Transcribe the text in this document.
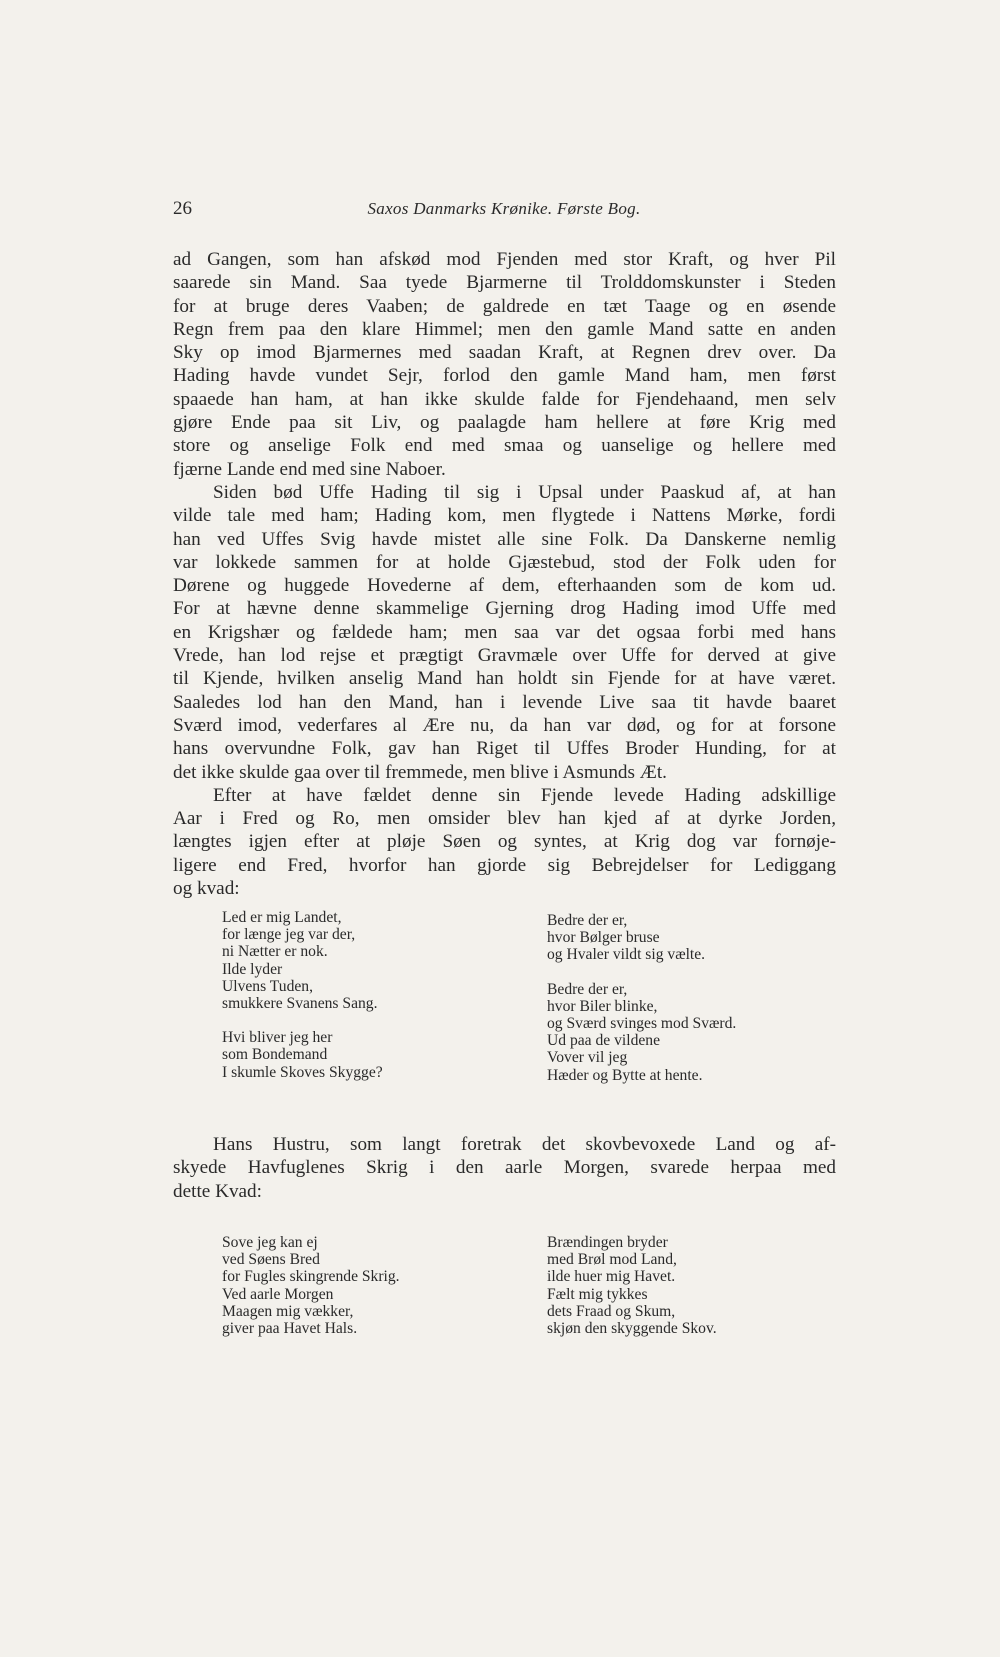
26	Saxos Danmarks Krønike. Første Bog.
ad Gangen, som han afskød mod Fjenden med stor Kraft, og hver Pil
saarede sin Mand. Saa tyede Bjarmerne til Trolddomskunster i Steden
for at bruge deres Vaaben; de galdrede en tæt Taage og en øsende
Regn frem paa den klare Himmel; men den gamle Mand satte en anden
Sky op imod Bjarmernes med saadan Kraft, at Regnen drev over. Da
Hading havde vundet Sejr, forlod den gamle Mand ham, men først
spaaede han ham, at han ikke skulde falde for Fjendehaand, men selv
gjøre Ende paa sit Liv, og paalagde ham hellere at føre Krig med
store og anselige Folk end med smaa og uanselige og hellere med
fjærne Lande end med sine Naboer.
Siden bød Uffe Hading til sig i Upsal under Paaskud af, at han
vilde tale med ham; Hading kom, men flygtede i Nattens Mørke, fordi
han ved Uffes Svig havde mistet alle sine Folk. Da Danskerne nemlig
var lokkede sammen for at holde Gjæstebud, stod der Folk uden for
Dørene og huggede Hovederne af dem, efterhaanden som de kom ud.
For at hævne denne skammelige Gjerning drog Hading imod Uffe med
en Krigshær og fældede ham; men saa var det ogsaa forbi med hans
Vrede, han lod rejse et prægtigt Gravmæle over Uffe for derved at give
til Kjende, hvilken anselig Mand han holdt sin Fjende for at have været.
Saaledes lod han den Mand, han i levende Live saa tit havde baaret
Sværd imod, vederfares al Ære nu, da han var død, og for at forsone
hans overvundne Folk, gav han Riget til Uffes Broder Hunding, for at
det ikke skulde gaa over til fremmede, men blive i Asmunds Æt.
Efter at have fældet denne sin Fjende levede Hading adskillige
Aar i Fred og Ro, men omsider blev han kjed af at dyrke Jorden,
længtes igjen efter at pløje Søen og syntes, at Krig dog var fornøje-
ligere end Fred, hvorfor han gjorde sig Bebrejdelser for Lediggang
og kvad:
Led er mig Landet,
for længe jeg var der,
ni Nætter er nok.
Ilde lyder
Ulvens Tuden,
smukkere Svanens Sang.
Hvi bliver jeg her
som Bondemand
I skumle Skoves Skygge?
Bedre der er,
hvor Bølger bruse
og Hvaler vildt sig vælte.
Bedre der er,
hvor Biler blinke,
og Sværd svinges mod Sværd.
Ud paa de vildene
Vover vil jeg
Hæder og Bytte at hente.
Hans Hustru, som langt foretrak det skovbevoxede Land og af-
skyede Havfuglenes Skrig i den aarle Morgen, svarede herpaa med
dette Kvad:
Sove jeg kan ej
ved Søens Bred
for Fugles skingrende Skrig.
Ved aarle Morgen
Maagen mig vækker,
giver paa Havet Hals.
Brændingen bryder
med Brøl mod Land,
ilde huer mig Havet.
Fælt mig tykkes
dets Fraad og Skum,
skjøn den skyggende Skov.
